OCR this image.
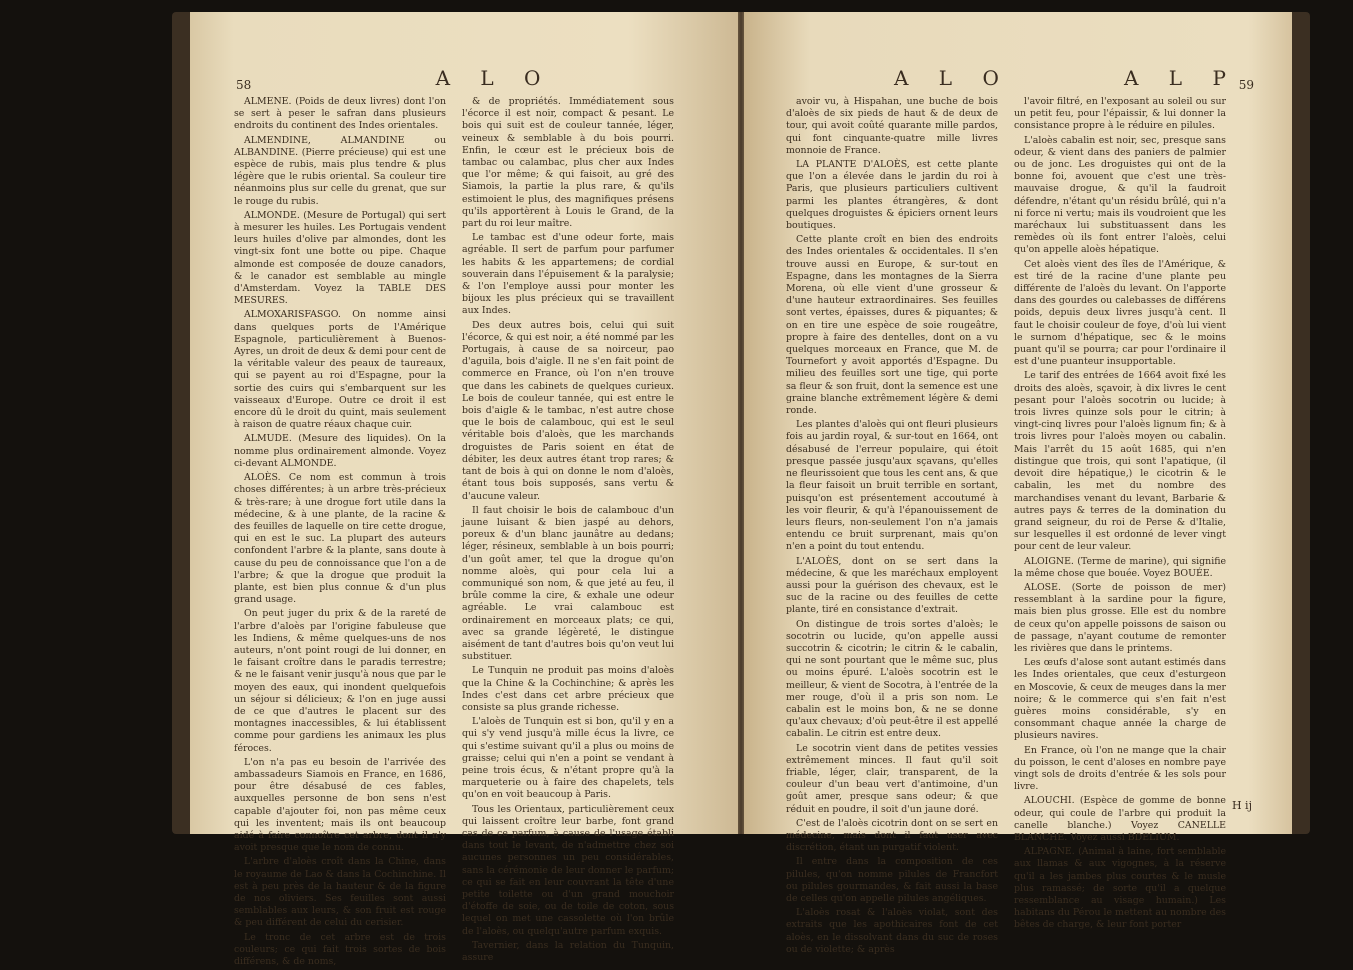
58	A L O

ALMENE. (Poids de deux livres) dont l'on se sert à peser le safran dans plusieurs endroits du continent des Indes orientales.

ALMENDINE, ALMANDINE ou ALBANDINE. (Pierre précieuse) qui est une espèce de rubis, mais plus tendre & plus légère que le rubis oriental. Sa couleur tire néanmoins plus sur celle du grenat, que sur le rouge du rubis.

ALMONDE. (Mesure de Portugal) qui sert à mesurer les huiles. Les Portugais vendent leurs huiles d'olive par almondes, dont les vingt-six font une botte ou pipe. Chaque almonde est composée de douze canadors, & le canador est semblable au mingle d'Amsterdam. Voyez la TABLE DES MESURES.

ALMOXARISFASGO. On nomme ainsi dans quelques ports de l'Amérique Espagnole, particulièrement à Buenos-Ayres, un droit de deux & demi pour cent de la véritable valeur des peaux de taureaux, qui se payent au roi d'Espagne, pour la sortie des cuirs qui s'embarquent sur les vaisseaux d'Europe. Outre ce droit il est encore dû le droit du quint, mais seulement à raison de quatre réaux chaque cuir.

ALMUDE. (Mesure des liquides). On la nomme plus ordinairement almonde. Voyez ci-devant ALMONDE.

ALOÈS. Ce nom est commun à trois choses différentes; à un arbre très-précieux & très-rare; à une drogue fort utile dans la médecine, & à une plante, de la racine & des feuilles de laquelle on tire cette drogue, qui en est le suc. La plupart des auteurs confondent l'arbre & la plante, sans doute à cause du peu de connoissance que l'on a de l'arbre; & que la drogue que produit la plante, est bien plus connue & d'un plus grand usage.

On peut juger du prix & de la rareté de l'arbre d'aloès par l'origine fabuleuse que les Indiens, & même quelques-uns de nos auteurs, n'ont point rougi de lui donner, en le faisant croître dans le paradis terrestre; & ne le faisant venir jusqu'à nous que par le moyen des eaux, qui inondent quelquefois un séjour si délicieux; & l'on en juge aussi de ce que d'autres le placent sur des montagnes inaccessibles, & lui établissent comme pour gardiens les animaux les plus féroces.

L'on n'a pas eu besoin de l'arrivée des ambassadeurs Siamois en France, en 1686, pour être désabusé de ces fables, auxquelles personne de bon sens n'est capable d'ajouter foi, non pas même ceux qui les inventent; mais ils ont beaucoup aidé à faire connoître cet arbre, dont il n'y avoit presque que le nom de connu.

L'arbre d'aloès croît dans la Chine, dans le royaume de Lao & dans la Cochinchine. Il est à peu près de la hauteur & de la figure de nos oliviers. Ses feuilles sont aussi semblables aux leurs, & son fruit est rouge & peu différent de celui du cerisier.

Le tronc de cet arbre est de trois couleurs; ce qui fait trois sortes de bois différens, & de noms,

& de propriétés. Immédiatement sous l'écorce il est noir, compact & pesant. Le bois qui suit est de couleur tannée, léger, veineux & semblable à du bois pourri. Enfin, le cœur est le précieux bois de tambac ou calambac, plus cher aux Indes que l'or même; & qui faisoit, au gré des Siamois, la partie la plus rare, & qu'ils estimoient le plus, des magnifiques présens qu'ils apportèrent à Louis le Grand, de la part du roi leur maître.

Le tambac est d'une odeur forte, mais agréable. Il sert de parfum pour parfumer les habits & les appartemens; de cordial souverain dans l'épuisement & la paralysie; & l'on l'employe aussi pour monter les bijoux les plus précieux qui se travaillent aux Indes.

Des deux autres bois, celui qui suit l'écorce, & qui est noir, a été nommé par les Portugais, à cause de sa noirceur, pao d'aguila, bois d'aigle. Il ne s'en fait point de commerce en France, où l'on n'en trouve que dans les cabinets de quelques curieux. Le bois de couleur tannée, qui est entre le bois d'aigle & le tambac, n'est autre chose que le bois de calambouc, qui est le seul véritable bois d'aloès, que les marchands droguistes de Paris soient en état de débiter, les deux autres étant trop rares; & tant de bois à qui on donne le nom d'aloès, étant tous bois supposés, sans vertu & d'aucune valeur.

Il faut choisir le bois de calambouc d'un jaune luisant & bien jaspé au dehors, poreux & d'un blanc jaunâtre au dedans; léger, résineux, semblable à un bois pourri; d'un goût amer, tel que la drogue qu'on nomme aloès, qui pour cela lui a communiqué son nom, & que jeté au feu, il brûle comme la cire, & exhale une odeur agréable. Le vrai calambouc est ordinairement en morceaux plats; ce qui, avec sa grande légèreté, le distingue aisément de tant d'autres bois qu'on veut lui substituer.

Le Tunquin ne produit pas moins d'aloès que la Chine & la Cochinchine; & après les Indes c'est dans cet arbre précieux que consiste sa plus grande richesse.

L'aloès de Tunquin est si bon, qu'il y en a qui s'y vend jusqu'à mille écus la livre, ce qui s'estime suivant qu'il a plus ou moins de graisse; celui qui n'en a point se vendant à peine trois écus, & n'étant propre qu'à la marqueterie ou à faire des chapelets, tels qu'on en voit beaucoup à Paris.

Tous les Orientaux, particulièrement ceux qui laissent croître leur barbe, font grand cas de ce parfum, à cause de l'usage établi dans tout le levant, de n'admettre chez soi aucunes personnes un peu considérables, sans la cérémonie de leur donner le parfum; ce qui se fait en leur couvrant la tête d'une petite toilette ou d'un grand mouchoir d'étoffe de soie, ou de toile de coton, sous lequel on met une cassolette où l'on brûle de l'aloès, ou quelqu'autre parfum exquis.

Tavernier, dans la relation du Tunquin, assure

A L O	A L P 59

avoir vu, à Hispahan, une buche de bois d'aloès de six pieds de haut & de deux de tour, qui avoit coûté quarante mille pardos, qui font cinquante-quatre mille livres monnoie de France.

LA PLANTE D'ALOÈS, est cette plante que l'on a élevée dans le jardin du roi à Paris, que plusieurs particuliers cultivent parmi les plantes étrangères, & dont quelques droguistes & épiciers ornent leurs boutiques.

Cette plante croît en bien des endroits des Indes orientales & occidentales. Il s'en trouve aussi en Europe, & sur-tout en Espagne, dans les montagnes de la Sierra Morena, où elle vient d'une grosseur & d'une hauteur extraordinaires. Ses feuilles sont vertes, épaisses, dures & piquantes; & on en tire une espèce de soie rougeâtre, propre à faire des dentelles, dont on a vu quelques morceaux en France, que M. de Tournefort y avoit apportés d'Espagne. Du milieu des feuilles sort une tige, qui porte sa fleur & son fruit, dont la semence est une graine blanche extrêmement légère & demi ronde.

Les plantes d'aloès qui ont fleuri plusieurs fois au jardin royal, & sur-tout en 1664, ont désabusé de l'erreur populaire, qui étoit presque passée jusqu'aux sçavans, qu'elles ne fleurissoient que tous les cent ans, & que la fleur faisoit un bruit terrible en sortant, puisqu'on est présentement accoutumé à les voir fleurir, & qu'à l'épanouissement de leurs fleurs, non-seulement l'on n'a jamais entendu ce bruit surprenant, mais qu'on n'en a point du tout entendu.

L'ALOÈS, dont on se sert dans la médecine, & que les maréchaux employent aussi pour la guérison des chevaux, est le suc de la racine ou des feuilles de cette plante, tiré en consistance d'extrait.

On distingue de trois sortes d'aloès; le socotrin ou lucide, qu'on appelle aussi succotrin & cicotrin; le citrin & le cabalin, qui ne sont pourtant que le même suc, plus ou moins épuré. L'aloès socotrin est le meilleur, & vient de Socotra, à l'entrée de la mer rouge, d'où il a pris son nom. Le cabalin est le moins bon, & ne se donne qu'aux chevaux; d'où peut-être il est appellé cabalin. Le citrin est entre deux.

Le socotrin vient dans de petites vessies extrêmement minces. Il faut qu'il soit friable, léger, clair, transparent, de la couleur d'un beau vert d'antimoine, d'un goût amer, presque sans odeur; & que réduit en poudre, il soit d'un jaune doré.

C'est de l'aloès cicotrin dont on se sert en médecine, mais dont il faut user avec discrétion, étant un purgatif violent.

Il entre dans la composition de ces pilules, qu'on nomme pilules de Francfort ou pilules gourmandes, & fait aussi la base de celles qu'on appelle pilules angéliques.

L'aloès rosat & l'aloès violat, sont des extraits que les apothicaires font de cet aloès, en le dissolvant dans du suc de roses ou de violette; & après

l'avoir filtré, en l'exposant au soleil ou sur un petit feu, pour l'épaissir, & lui donner la consistance propre à le réduire en pilules.

L'aloès cabalin est noir, sec, presque sans odeur, & vient dans des paniers de palmier ou de jonc. Les droguistes qui ont de la bonne foi, avouent que c'est une très-mauvaise drogue, & qu'il la faudroit défendre, n'étant qu'un résidu brûlé, qui n'a ni force ni vertu; mais ils voudroient que les maréchaux lui substituassent dans les remèdes où ils font entrer l'aloès, celui qu'on appelle aloès hépatique.

Cet aloès vient des îles de l'Amérique, & est tiré de la racine d'une plante peu différente de l'aloès du levant. On l'apporte dans des gourdes ou calebasses de différens poids, depuis deux livres jusqu'à cent. Il faut le choisir couleur de foye, d'où lui vient le surnom d'hépatique, sec & le moins puant qu'il se pourra; car pour l'ordinaire il est d'une puanteur insupportable.

Le tarif des entrées de 1664 avoit fixé les droits des aloès, sçavoir, à dix livres le cent pesant pour l'aloès socotrin ou lucide; à trois livres quinze sols pour le citrin; à vingt-cinq livres pour l'aloès lignum fin; & à trois livres pour l'aloès moyen ou cabalin. Mais l'arrêt du 15 août 1685, qui n'en distingue que trois, qui sont l'apatique, (il devoit dire hépatique,) le cicotrin & le cabalin, les met du nombre des marchandises venant du levant, Barbarie & autres pays & terres de la domination du grand seigneur, du roi de Perse & d'Italie, sur lesquelles il est ordonné de lever vingt pour cent de leur valeur.

ALOIGNE. (Terme de marine), qui signifie la même chose que bouée. Voyez BOUÉE.

ALOSE. (Sorte de poisson de mer) ressemblant à la sardine pour la figure, mais bien plus grosse. Elle est du nombre de ceux qu'on appelle poissons de saison ou de passage, n'ayant coutume de remonter les rivières que dans le printems.

Les œufs d'alose sont autant estimés dans les Indes orientales, que ceux d'esturgeon en Moscovie, & ceux de meuges dans la mer noire; & le commerce qui s'en fait n'est guères moins considérable, s'y en consommant chaque année la charge de plusieurs navires.

En France, où l'on ne mange que la chair du poisson, le cent d'aloses en nombre paye vingt sols de droits d'entrée & les sols pour livre.

ALOUCHI. (Espèce de gomme de bonne odeur, qui coule de l'arbre qui produit la canelle blanche.) Voyez CANELLE BLANCHE. Voyez aussi BDELIUM.

ALPAGNE. (Animal à laine, fort semblable aux llamas & aux vigognes, à la réserve qu'il a les jambes plus courtes & le musle plus ramassé; de sorte qu'il a quelque ressemblance au visage humain.) Les habitans du Pérou le mettent au nombre des bêtes de charge, & leur font porter

H ij
